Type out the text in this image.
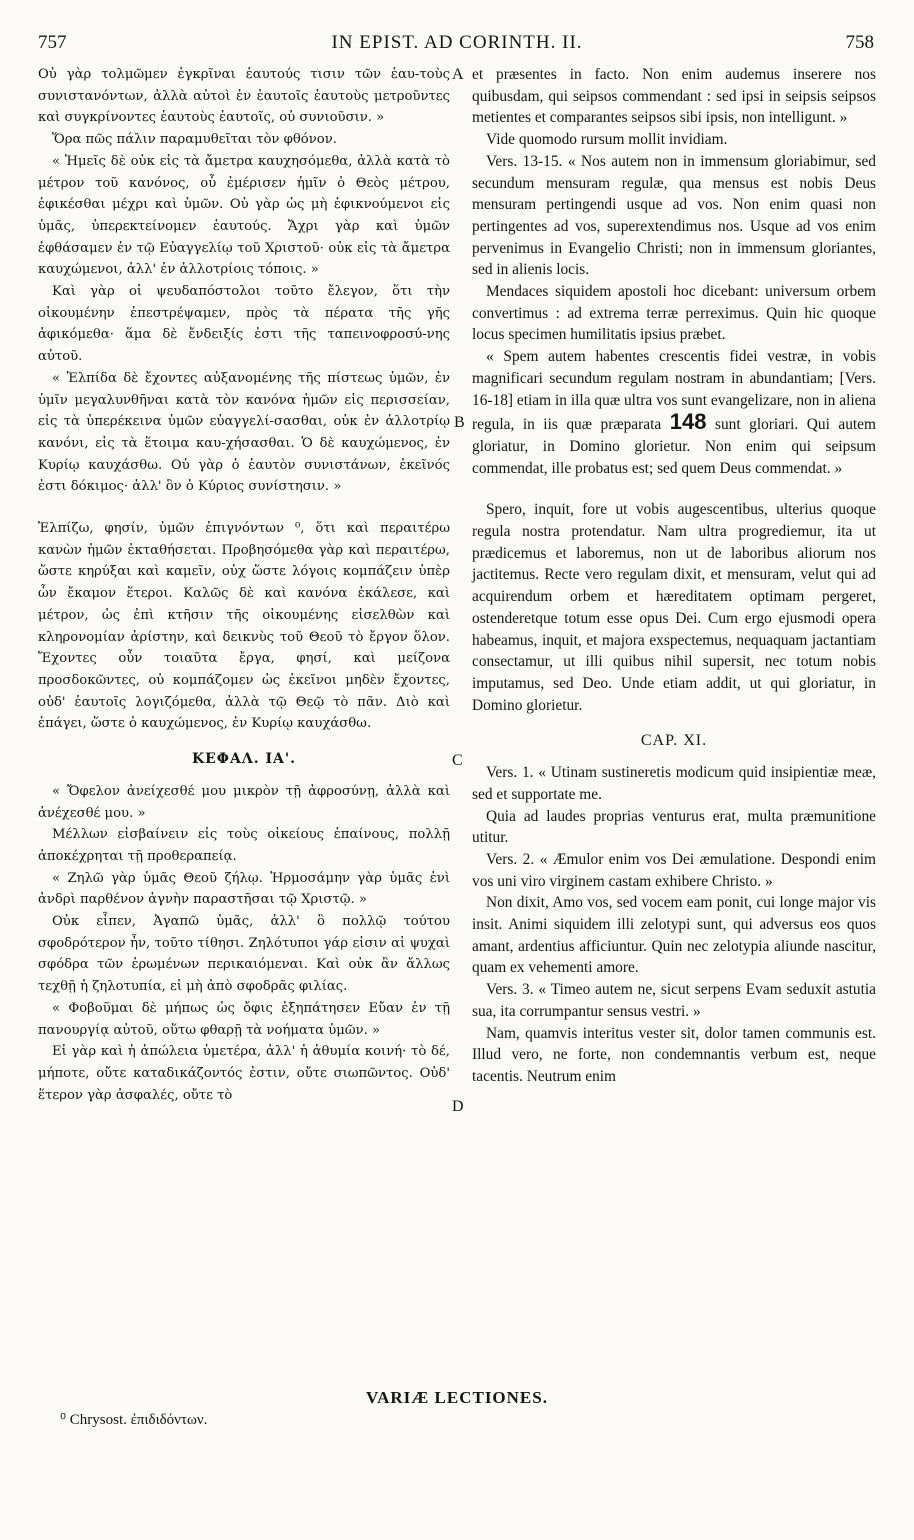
757	IN EPIST. AD CORINTH. II.	758

Οὐ γὰρ τολμῶμεν ἐγκρῖναι ἑαυτούς τισιν τῶν ἑαυ-τοὺς συνιστανόντων, ἀλλὰ αὐτοὶ ἐν ἑαυτοῖς ἑαυτοὺς μετροῦντες καὶ συγκρίνοντες ἑαυτοὺς ἑαυτοῖς, οὐ συνιοῦσιν. »

Ὅρα πῶς πάλιν παραμυθεῖται τὸν φθόνον.

« Ἡμεῖς δὲ οὐκ εἰς τὰ ἄμετρα καυχησόμεθα, ἀλλὰ κατὰ τὸ μέτρον τοῦ κανόνος, οὗ ἐμέρισεν ἡμῖν ὁ Θεὸς μέτρου, ἐφικέσθαι μέχρι καὶ ὑμῶν. Οὐ γὰρ ὡς μὴ ἐφικνούμενοι εἰς ὑμᾶς, ὑπερεκτείνομεν ἑαυτούς. Ἄχρι γὰρ καὶ ὑμῶν ἐφθάσαμεν ἐν τῷ Εὐαγγελίῳ τοῦ Χριστοῦ· οὐκ εἰς τὰ ἄμετρα καυχώμενοι, ἀλλ' ἐν ἀλλοτρίοις τόποις. »

Καὶ γὰρ οἱ ψευδαπόστολοι τοῦτο ἔλεγον, ὅτι τὴν οἰκουμένην ἐπεστρέψαμεν, πρὸς τὰ πέρατα τῆς γῆς ἀφικόμεθα· ἅμα δὲ ἔνδειξίς ἐστι τῆς ταπεινοφροσύ-νης αὐτοῦ.

« Ἐλπίδα δὲ ἔχοντες αὐξανομένης τῆς πίστεως ὑμῶν, ἐν ὑμῖν μεγαλυνθῆναι κατὰ τὸν κανόνα ἡμῶν εἰς περισσείαν, εἰς τὰ ὑπερέκεινα ὑμῶν εὐαγγελί-σασθαι, οὐκ ἐν ἀλλοτρίῳ κανόνι, εἰς τὰ ἕτοιμα καυ-χήσασθαι. Ὁ δὲ καυχώμενος, ἐν Κυρίῳ καυχάσθω. Οὐ γὰρ ὁ ἑαυτὸν συνιστάνων, ἐκεῖνός ἐστι δόκιμος· ἀλλ' ὃν ὁ Κύριος συνίστησιν. »

Ἐλπίζω, φησίν, ὑμῶν ἐπιγνόντων ⁰, ὅτι καὶ περαιτέρω κανὼν ἡμῶν ἐκταθήσεται. Προβησόμεθα γὰρ καὶ περαιτέρω, ὥστε κηρύξαι καὶ καμεῖν, οὐχ ὥστε λόγοις κομπάζειν ὑπὲρ ὧν ἔκαμον ἕτεροι. Καλῶς δὲ καὶ κανόνα ἐκάλεσε, καὶ μέτρον, ὡς ἐπὶ κτῆσιν τῆς οἰκουμένης εἰσελθὼν καὶ κληρονομίαν ἀρίστην, καὶ δεικνὺς τοῦ Θεοῦ τὸ ἔργον ὅλον. Ἔχοντες οὖν τοιαῦτα ἔργα, φησί, καὶ μείζονα προσδοκῶντες, οὐ κομπάζομεν ὡς ἐκεῖνοι μηδὲν ἔχοντες, οὐδ' ἑαυτοῖς λογιζόμεθα, ἀλλὰ τῷ Θεῷ τὸ πᾶν. Διὸ καὶ ἐπάγει, ὥστε ὁ καυχώμενος, ἐν Κυρίῳ καυχάσθω.

ΚΕΦΑΛ. ΙΑ'.

« Ὄφελον ἀνείχεσθέ μου μικρὸν τῇ ἀφροσύνῃ, ἀλλὰ καὶ ἀνέχεσθέ μου. »

Μέλλων εἰσβαίνειν εἰς τοὺς οἰκείους ἐπαίνους, πολλῇ ἀποκέχρηται τῇ προθεραπείᾳ.

« Ζηλῶ γὰρ ὑμᾶς Θεοῦ ζήλῳ. Ἡρμοσάμην γὰρ ὑμᾶς ἑνὶ ἀνδρὶ παρθένον ἁγνὴν παραστῆσαι τῷ Χριστῷ. »

Οὐκ εἶπεν, Ἀγαπῶ ὑμᾶς, ἀλλ' ὃ πολλῷ τούτου σφοδρότερον ἦν, τοῦτο τίθησι. Ζηλότυποι γάρ εἰσιν αἱ ψυχαὶ σφόδρα τῶν ἐρωμένων περικαιόμεναι. Καὶ οὐκ ἂν ἄλλως τεχθῇ ἡ ζηλοτυπία, εἰ μὴ ἀπὸ σφοδρᾶς φιλίας.

« Φοβοῦμαι δὲ μήπως ὡς ὄφις ἐξηπάτησεν Εὔαν ἐν τῇ πανουργίᾳ αὐτοῦ, οὕτω φθαρῇ τὰ νοήματα ὑμῶν. »

Εἰ γὰρ καὶ ἡ ἀπώλεια ὑμετέρα, ἀλλ' ἡ ἀθυμία κοινή· τὸ δέ, μήποτε, οὔτε καταδικάζοντός ἐστιν, οὔτε σιωπῶντος. Οὐδ' ἕτερον γὰρ ἀσφαλές, οὔτε τὸ

A
B
C
D

et præsentes in facto. Non enim audemus inserere nos quibusdam, qui seipsos commendant : sed ipsi in seipsis seipsos metientes et comparantes seipsos sibi ipsis, non intelligunt. »

Vide quomodo rursum mollit invidiam.

Vers. 13-15. « Nos autem non in immensum gloriabimur, sed secundum mensuram regulæ, qua mensus est nobis Deus mensuram pertingendi usque ad vos. Non enim quasi non pertingentes ad vos, superextendimus nos. Usque ad vos enim pervenimus in Evangelio Christi; non in immensum gloriantes, sed in alienis locis.

Mendaces siquidem apostoli hoc dicebant: universum orbem convertimus : ad extrema terræ perreximus. Quin hic quoque locus specimen humilitatis ipsius præbet.

« Spem autem habentes crescentis fidei vestræ, in vobis magnificari secundum regulam nostram in abundantiam; [Vers. 16-18] etiam in illa quæ ultra vos sunt evangelizare, non in aliena regula, in iis quæ præparata 148 sunt gloriari. Qui autem gloriatur, in Domino glorietur. Non enim qui seipsum commendat, ille probatus est; sed quem Deus commendat. »

Spero, inquit, fore ut vobis augescentibus, ulterius quoque regula nostra protendatur. Nam ultra progrediemur, ita ut prædicemus et laboremus, non ut de laboribus aliorum nos jactitemus. Recte vero regulam dixit, et mensuram, velut qui ad acquirendum orbem et hæreditatem optimam pergeret, ostenderetque totum esse opus Dei. Cum ergo ejusmodi opera habeamus, inquit, et majora exspectemus, nequaquam jactantiam consectamur, ut illi quibus nihil supersit, nec totum nobis imputamus, sed Deo. Unde etiam addit, ut qui gloriatur, in Domino glorietur.

CAP. XI.

Vers. 1. « Utinam sustineretis modicum quid insipientiæ meæ, sed et supportate me.

Quia ad laudes proprias venturus erat, multa præmunitione utitur.

Vers. 2. « Æmulor enim vos Dei æmulatione. Despondi enim vos uni viro virginem castam exhibere Christo. »

Non dixit, Amo vos, sed vocem eam ponit, cui longe major vis insit. Animi siquidem illi zelotypi sunt, qui adversus eos quos amant, ardentius afficiuntur. Quin nec zelotypia aliunde nascitur, quam ex vehementi amore.

Vers. 3. « Timeo autem ne, sicut serpens Evam seduxit astutia sua, ita corrumpantur sensus vestri. »

Nam, quamvis interitus vester sit, dolor tamen communis est. Illud vero, ne forte, non condemnantis verbum est, neque tacentis. Neutrum enim

VARIÆ LECTIONES.
⁰ Chrysost. ἐπιδιδόντων.
